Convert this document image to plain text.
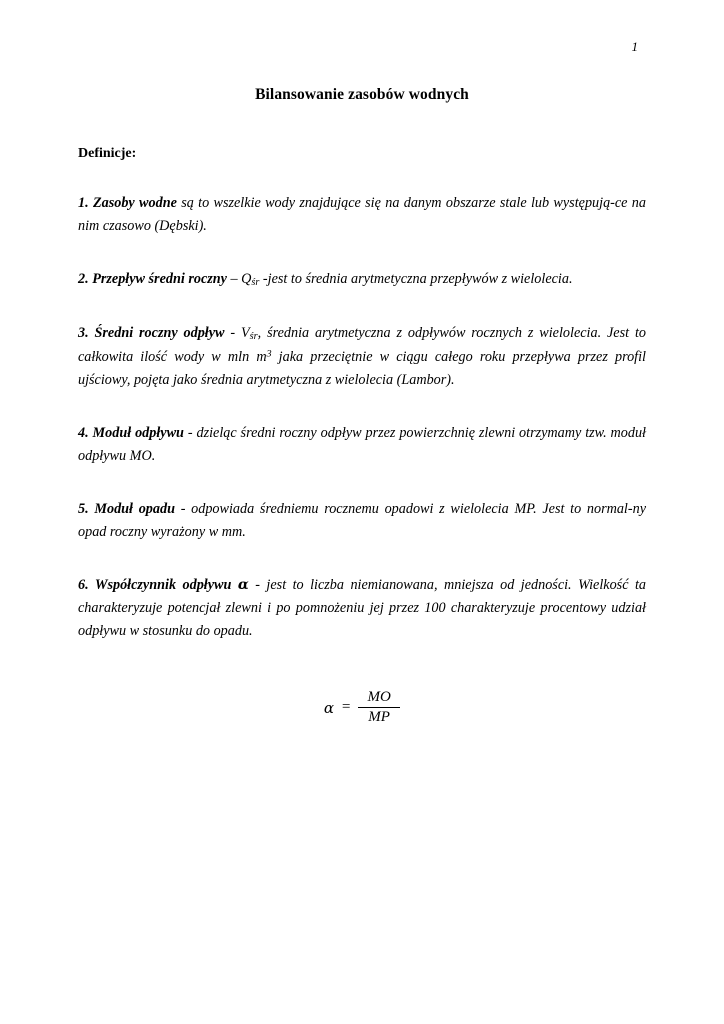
1
Bilansowanie zasobów wodnych
Definicje:

1. Zasoby wodne są to wszelkie wody znajdujące się na danym obszarze stale lub występują-ce na nim czasowo (Dębski).

2. Przepływ średni roczny – $Q_{śr}$ -jest to średnia arytmetyczna przepływów z wielolecia.

3. Średni roczny odpływ - $V_{śr}$, średnia arytmetyczna z odpływów rocznych z wielolecia. Jest to całkowita ilość wody w mln $m^3$ jaka przeciętnie w ciągu całego roku przepływa przez profil ujściowy, pojęta jako średnia arytmetyczna z wielolecia (Lambor).

4. Moduł odpływu - dzieląc średni roczny odpływ przez powierzchnię zlewni otrzymamy tzw. moduł odpływu MO.

5. Moduł opadu - odpowiada średniemu rocznemu opadowi z wielolecia MP. Jest to normal-ny opad roczny wyrażony w mm.

6. Współczynnik odpływu α - jest to liczba niemianowana, mniejsza od jedności. Wielkość ta charakteryzuje potencjał zlewni i po pomnożeniu jej przez 100 charakteryzuje procentowy udział odpływu w stosunku do opadu.

$\alpha = \frac{MO}{MP}$
